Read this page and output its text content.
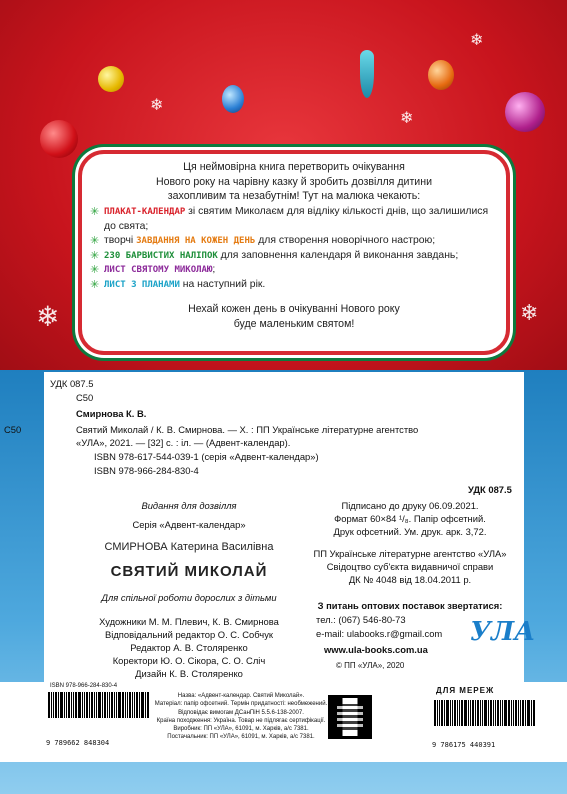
❄
❄
❄	❄
❄
Ця неймовірна книга перетворить очікування
Нового року на чарівну казку й зробить дозвілля дитини
захопливим та незабутнім! Тут на малюка чекають:
✳ ПЛАКАТ-КАЛЕНДАР зі святим Миколаєм для відліку кількості днів, що залишилися до свята;
✳ творчі ЗАВДАННЯ НА КОЖЕН ДЕНЬ для створення новорічного настрою;
✳ 230 БАРВИСТИХ НАЛІПОК для заповнення календаря й виконання завдань;
✳ ЛИСТ СВЯТОМУ МИКОЛАЮ;
✳ ЛИСТ З ПЛАНАМИ на наступний рік.
Нехай кожен день в очікуванні Нового року
буде маленьким святом!
УДК 087.5
С50
Смирнова К. В.
С50	Святий Миколай / К. В. Смирнова. — Х. : ПП Українське літературне агентство
«УЛА», 2021. — [32] с. : іл. — (Адвент-календар).
ISBN 978-617-544-039-1 (серія «Адвент-календар»)
ISBN 978-966-284-830-4
УДК 087.5
Видання для дозвілля
Серія «Адвент-календар»
СМИРНОВА Катерина Василівна
СВЯТИЙ МИКОЛАЙ
Для спільної роботи дорослих з дітьми
Художники М. М. Плевич, К. В. Смирнова
Відповідальний редактор О. С. Собчук
Редактор А. В. Столяренко
Коректори Ю. О. Сікора, С. О. Сліч
Дизайн К. В. Столяренко
Підписано до друку 06.09.2021.
Формат 60×84 ¹/₈. Папір офсетний.
Друк офсетний. Ум. друк. арк. 3,72.
ПП Українське літературне агентство «УЛА»
Свідоцтво суб'єкта видавничої справи
ДК № 4048 від 18.04.2011 р.
З питань оптових поставок звертатися:
тел.: (067) 546-80-73
e-mail: ulabooks.r@gmail.com
www.ula-books.com.ua
© ПП «УЛА», 2020
УЛА
ISBN 978-966-284-830-4
9 789662 848304
Назва: «Адвент-календар. Святий Миколай».
Матеріал: папір офсетний. Термін придатності: необмежений.
Відповідає вимогам ДСанПіН 5.5.6-138-2007.
Країна походження: Україна. Товар не підлягає сертифікації.
Виробник: ПП «УЛА», 61091, м. Харків, а/с 7381.
Постачальник: ПП «УЛА», 61091, м. Харків, а/с 7381.
ДЛЯ МЕРЕЖ
9 786175 440391
